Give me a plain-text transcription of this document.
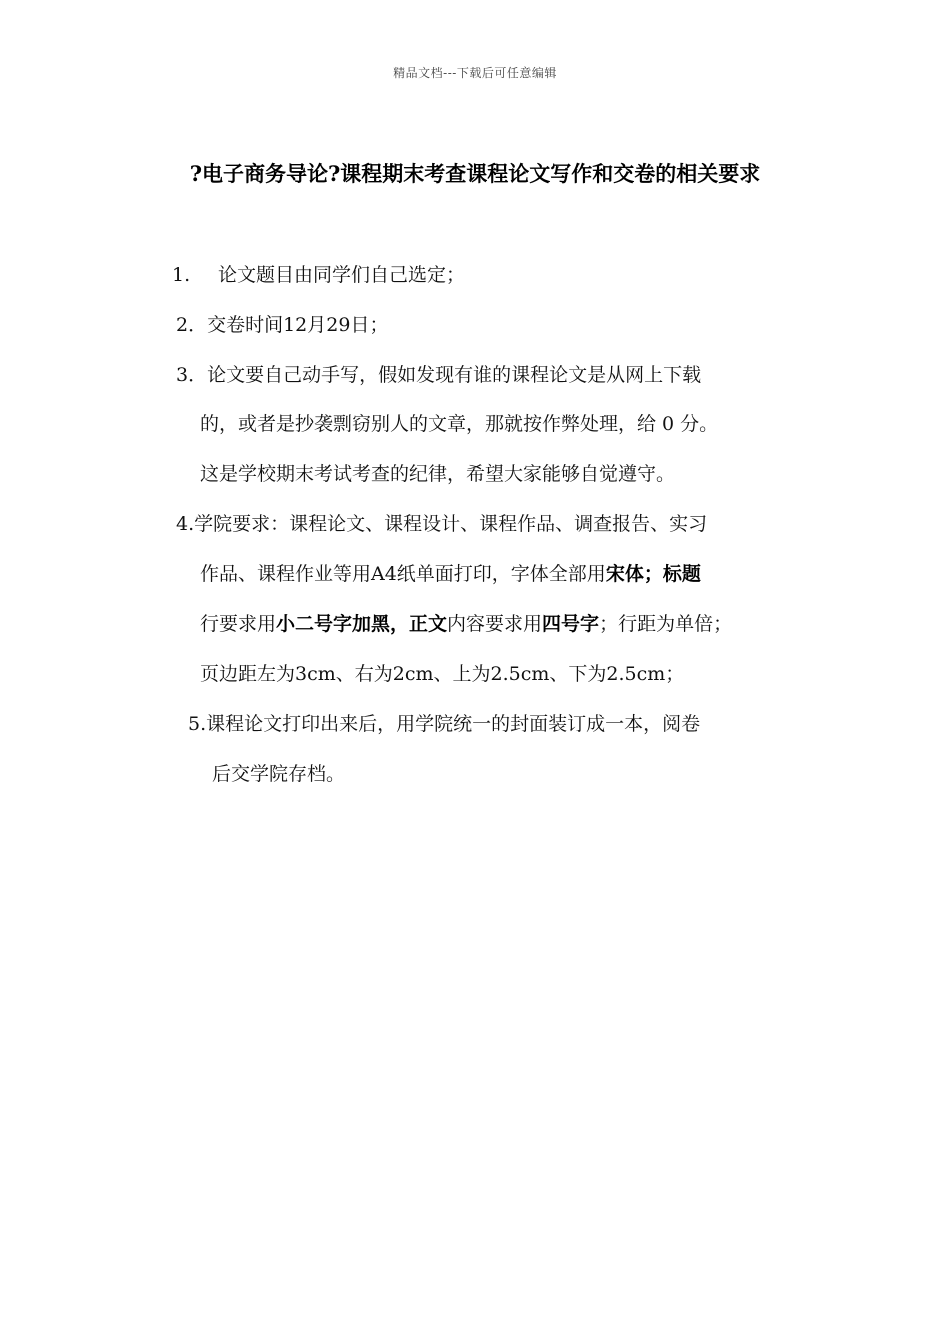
精品文档---下载后可任意编辑
?电子商务导论?课程期末考查课程论文写作和交卷的相关要求
1. 论文题目由同学们自己选定；
2．交卷时间12月29日；
3．论文要自己动手写，假如发现有谁的课程论文是从网上下载
的，或者是抄袭剽窃别人的文章，那就按作弊处理，给 0 分。
这是学校期末考试考查的纪律，希望大家能够自觉遵守。
4.学院要求：课程论文、课程设计、课程作品、调查报告、实习
作品、课程作业等用A4纸单面打印，字体全部用宋体；标题
行要求用小二号字加黑，正文内容要求用四号字；行距为单倍；
页边距左为3cm、右为2cm、上为2.5cm、下为2.5cm；
5.课程论文打印出来后，用学院统一的封面装订成一本，阅卷
后交学院存档。
